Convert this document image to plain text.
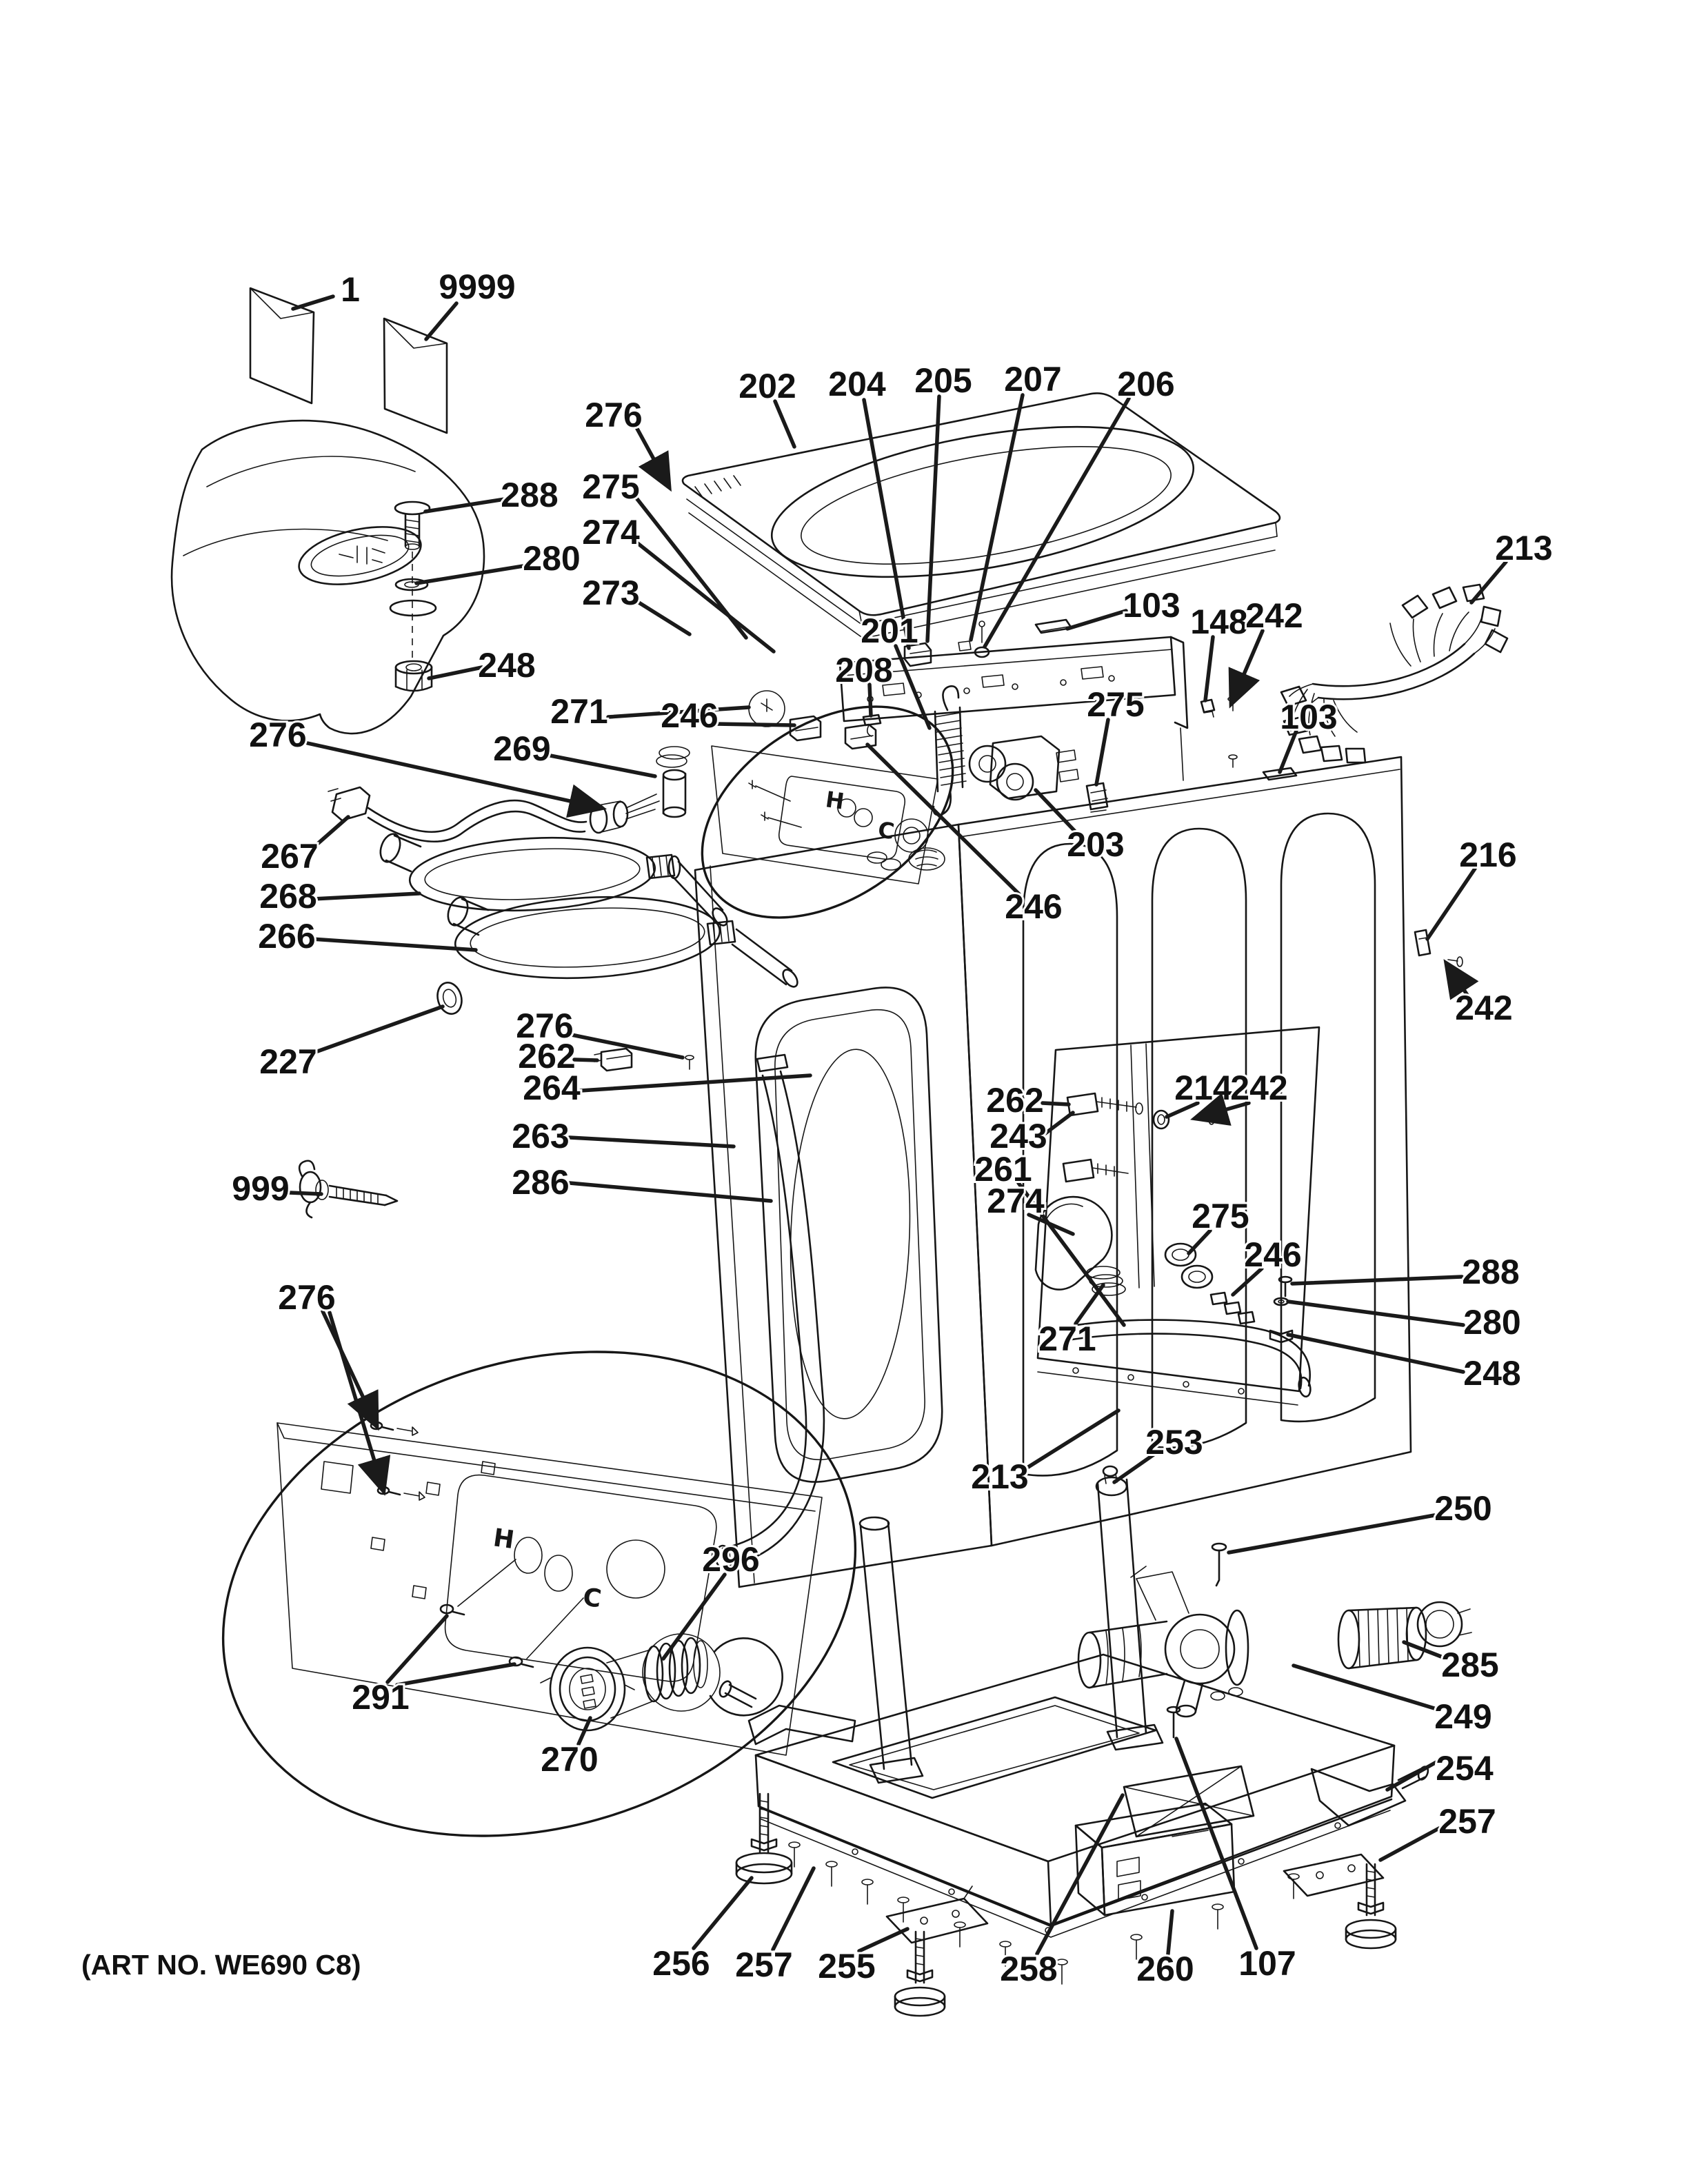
H
C
H
C
(ART NO. WE690 C8)
1 9999
202 204 205 207 206
276
275
288
274
280
273
248
213
103 148
242
201
208
271 246	275	103
276	269
203
246
216
242
267
268
266
227
276
262
264
263
286
999
262
243
261
274
214
242
275
246	288
280
248
271
276
213
253
250
296
291
270
285
249
254
257
256 257 255	258 260 107
